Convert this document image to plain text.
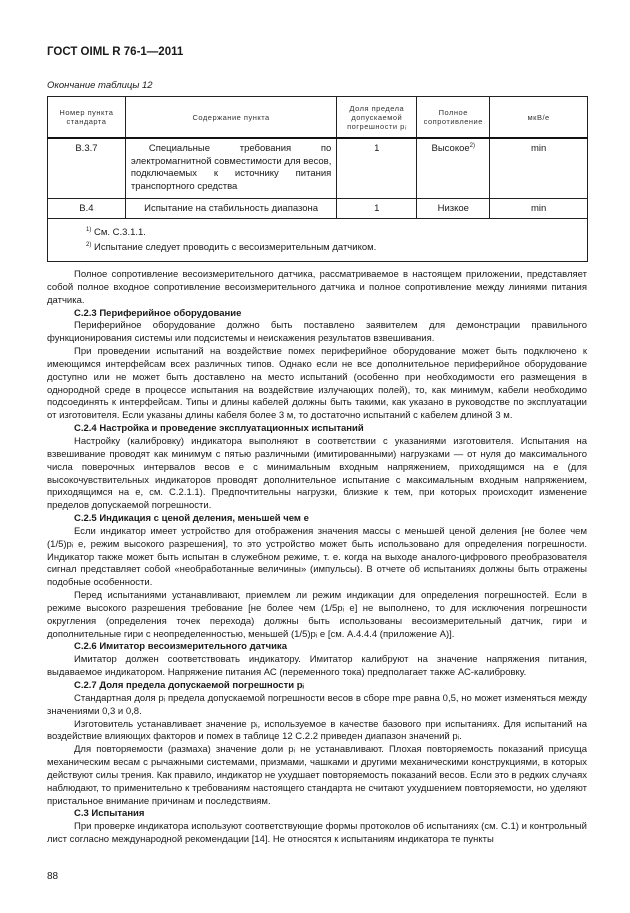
ГОСТ OIML R 76-1—2011
Окончание таблицы 12
Номер пункта стандарта	Содержание пункта	Доля предела допускаемой погрешности pᵢ	Полное сопротивление	мкВ/e
B.3.7	Специальные требования по электромагнитной совместимости для весов, подключаемых к источнику питания транспортного средства	1	Высокое$^{2)}$	min
B.4	Испытание на стабильность диапазона	1	Низкое	min

$^{1)}$ См. С.3.1.1.
$^{2)}$ Испытание следует проводить с весоизмерительным датчиком.				

Полное сопротивление весоизмерительного датчика, рассматриваемое в настоящем приложении, представляет собой полное входное сопротивление весоизмерительного датчика и полное сопротивление между линиями питания датчика.

С.2.3 Периферийное оборудование

Периферийное оборудование должно быть поставлено заявителем для демонстрации правильного функционирования системы или подсистемы и неискажения результатов взвешивания.

При проведении испытаний на воздействие помех периферийное оборудование может быть подключено к имеющимся интерфейсам всех различных типов. Однако если не все дополнительное периферийное оборудование доступно или не может быть доставлено на место испытаний (особенно при необходимости его размещения в однородной среде в процессе испытания на воздействие излучающих полей), то, как минимум, кабели необходимо подсоединять к интерфейсам. Типы и длины кабелей должны быть такими, как указано в руководстве по эксплуатации от изготовителя. Если указаны длины кабеля более 3 м, то достаточно испытаний с кабелем длиной 3 м.

С.2.4 Настройка и проведение эксплуатационных испытаний

Настройку (калибровку) индикатора выполняют в соответствии с указаниями изготовителя. Испытания на взвешивание проводят как минимум с пятью различными (имитированными) нагрузками — от нуля до максимального числа поверочных интервалов весов e с минимальным входным напряжением, приходящимся на e (для высокочувствительных индикаторов проводят дополнительное испытание с максимальным входным напряжением, приходящимся на e, см. С.2.1.1). Предпочтительны нагрузки, близкие к тем, при которых происходит изменение пределов допускаемой погрешности.

С.2.5 Индикация с ценой деления, меньшей чем e

Если индикатор имеет устройство для отображения значения массы с меньшей ценой деления [не более чем (1/5)pᵢ e, режим высокого разрешения], то это устройство может быть использовано для определения погрешности. Индикатор также может быть испытан в служебном режиме, т. е. когда на выходе аналого-цифрового преобразователя сигнал представляет собой «необработанные величины» (импульсы). В отчете об испытаниях должны быть отражены подобные особенности.

Перед испытаниями устанавливают, приемлем ли режим индикации для определения погрешностей. Если в режиме высокого разрешения требование [не более чем (1/5pᵢ e] не выполнено, то для исключения погрешности округления (определения точек перехода) должны быть использованы весоизмерительный датчик, гири и дополнительные гири с неопределенностью, меньшей (1/5)pᵢ e [см. А.4.4.4 (приложение А)].

С.2.6 Имитатор весоизмерительного датчика

Имитатор должен соответствовать индикатору. Имитатор калибруют на значение напряжения питания, выдаваемое индикатором. Напряжение питания АС (переменного тока) предполагает также АС-калибровку.

С.2.7 Доля предела допускаемой погрешности pᵢ

Стандартная доля pᵢ предела допускаемой погрешности весов в сборе mpe равна 0,5, но может изменяться между значениями 0,3 и 0,8.

Изготовитель устанавливает значение pᵢ, используемое в качестве базового при испытаниях. Для испытаний на воздействие влияющих факторов и помех в таблице 12 С.2.2 приведен диапазон значений pᵢ.

Для повторяемости (размаха) значение доли pᵢ не устанавливают. Плохая повторяемость показаний присуща механическим весам с рычажными системами, призмами, чашками и другими механическими конструкциями, в которых действуют силы трения. Как правило, индикатор не ухудшает повторяемость показаний весов. Если это в редких случаях наблюдают, то применительно к требованиям настоящего стандарта не считают ухудшением повторяемости, но уделяют пристальное внимание причинам и последствиям.

С.3 Испытания

При проверке индикатора используют соответствующие формы протоколов об испытаниях (см. С.1) и контрольный лист согласно международной рекомендации [14]. Не относятся к испытаниям индикатора те пункты

88
